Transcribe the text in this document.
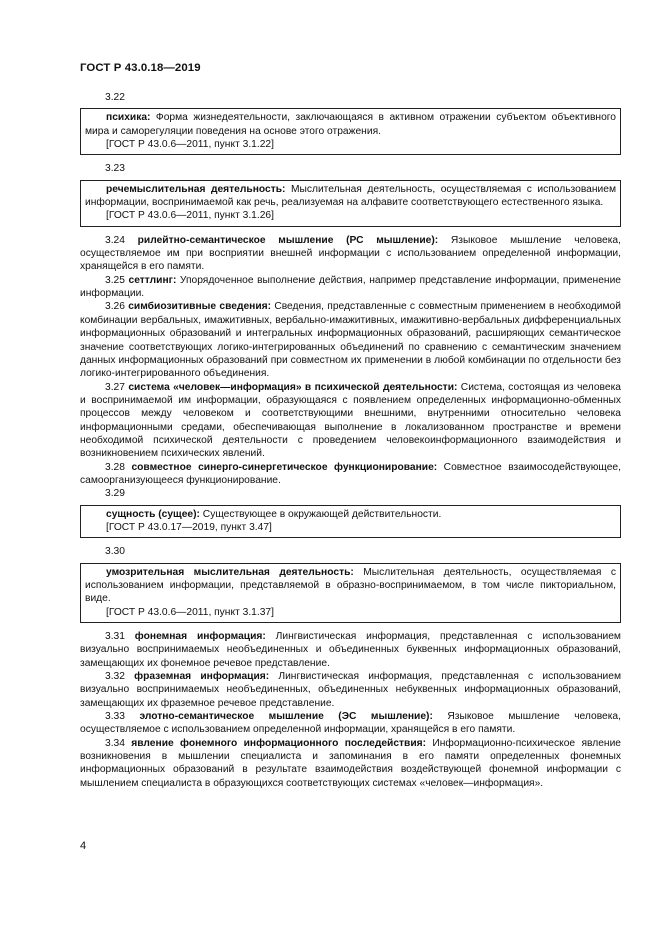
ГОСТ Р 43.0.18—2019
3.22
психика: Форма жизнедеятельности, заключающаяся в активном отражении субъектом объективного мира и саморегуляции поведения на основе этого отражения.
[ГОСТ Р 43.0.6—2011, пункт 3.1.22]
3.23
речемыслительная деятельность: Мыслительная деятельность, осуществляемая с использованием информации, воспринимаемой как речь, реализуемая на алфавите соответствующего естественного языка.
[ГОСТ Р 43.0.6—2011, пункт 3.1.26]

3.24 рилейтно-семантическое мышление (РС мышление): Языковое мышление человека, осуществляемое им при восприятии внешней информации с использованием определенной информации, хранящейся в его памяти.

3.25 сеттлинг: Упорядоченное выполнение действия, например представление информации, применение информации.

3.26 симбиозитивные сведения: Сведения, представленные с совместным применением в необходимой комбинации вербальных, имажитивных, вербально-имажитивных, имажитивно-вербальных дифференциальных информационных образований и интегральных информационных образований, расширяющих семантическое значение соответствующих логико-интегрированных объединений по сравнению с семантическим значением данных информационных образований при совместном их применении в любой комбинации по отдельности без логико-интегрированного объединения.

3.27 система «человек—информация» в психической деятельности: Система, состоящая из человека и воспринимаемой им информации, образующаяся с появлением определенных информационно-обменных процессов между человеком и соответствующими внешними, внутренними относительно человека информационными средами, обеспечивающая выполнение в локализованном пространстве и времени необходимой психической деятельности с проведением человекоинформационного взаимодействия и возникновением психических явлений.

3.28 совместное синерго-синергетическое функционирование: Совместное взаимосодействующее, самоорганизующееся функционирование.

3.29
сущность (сущее): Существующее в окружающей действительности.
[ГОСТ Р 43.0.17—2019, пункт 3.47]
3.30
умозрительная мыслительная деятельность: Мыслительная деятельность, осуществляемая с использованием информации, представляемой в образно-воспринимаемом, в том числе пикториальном, виде.
[ГОСТ Р 43.0.6—2011, пункт 3.1.37]

3.31 фонемная информация: Лингвистическая информация, представленная с использованием визуально воспринимаемых необъединенных и объединенных буквенных информационных образований, замещающих их фонемное речевое представление.

3.32 фраземная информация: Лингвистическая информация, представленная с использованием визуально воспринимаемых необъединенных, объединенных небуквенных информационных образований, замещающих их фраземное речевое представление.

3.33 элотно-семантическое мышление (ЭС мышление): Языковое мышление человека, осуществляемое с использованием определенной информации, хранящейся в его памяти.

3.34 явление фонемного информационного последействия: Информационно-психическое явление возникновения в мышлении специалиста и запоминания в его памяти определенных фонемных информационных образований в результате взаимодействия воздействующей фонемной информации с мышлением специалиста в образующихся соответствующих системах «человек—информация».

4
